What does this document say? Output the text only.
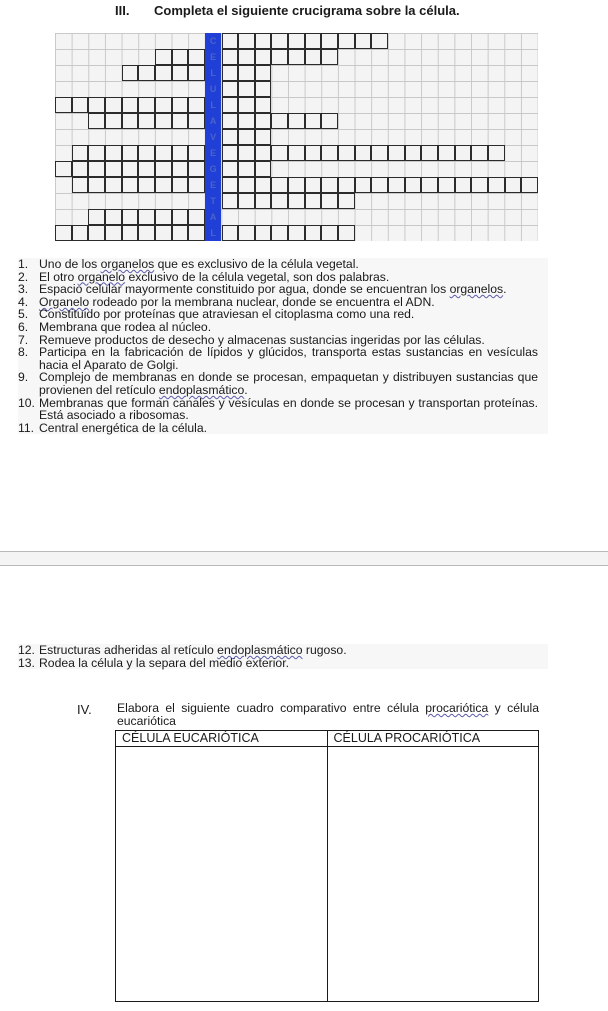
III. Completa el siguiente crucigrama sobre la célula.
C
E
L
U
L
A
V
E
G
E
T
A
L
1. Uno de los organelos que es exclusivo de la célula vegetal.
2. El otro organelo exclusivo de la célula vegetal, son dos palabras.
3. Espacio celular mayormente constituido por agua, donde se encuentran los organelos.
4. Organelo rodeado por la membrana nuclear, donde se encuentra el ADN.
5. Constituido por proteínas que atraviesan el citoplasma como una red.
6. Membrana que rodea al núcleo.
7. Remueve productos de desecho y almacenas sustancias ingeridas por las células.
8. Participa en la fabricación de lípidos y glúcidos, transporta estas sustancias en vesículas hacia el Aparato de Golgi.
9. Complejo de membranas en donde se procesan, empaquetan y distribuyen sustancias que provienen del retículo endoplasmático.
10. Membranas que forman canales y vesículas en donde se procesan y transportan proteínas. Está asociado a ribosomas.
11. Central energética de la célula.
12. Estructuras adheridas al retículo endoplasmático rugoso.
13. Rodea la célula y la separa del medio exterior.
IV. Elabora el siguiente cuadro comparativo entre célula procariótica y célula eucariótica
CÉLULA EUCARIÓTICA	CÉLULA PROCARIÓTICA
